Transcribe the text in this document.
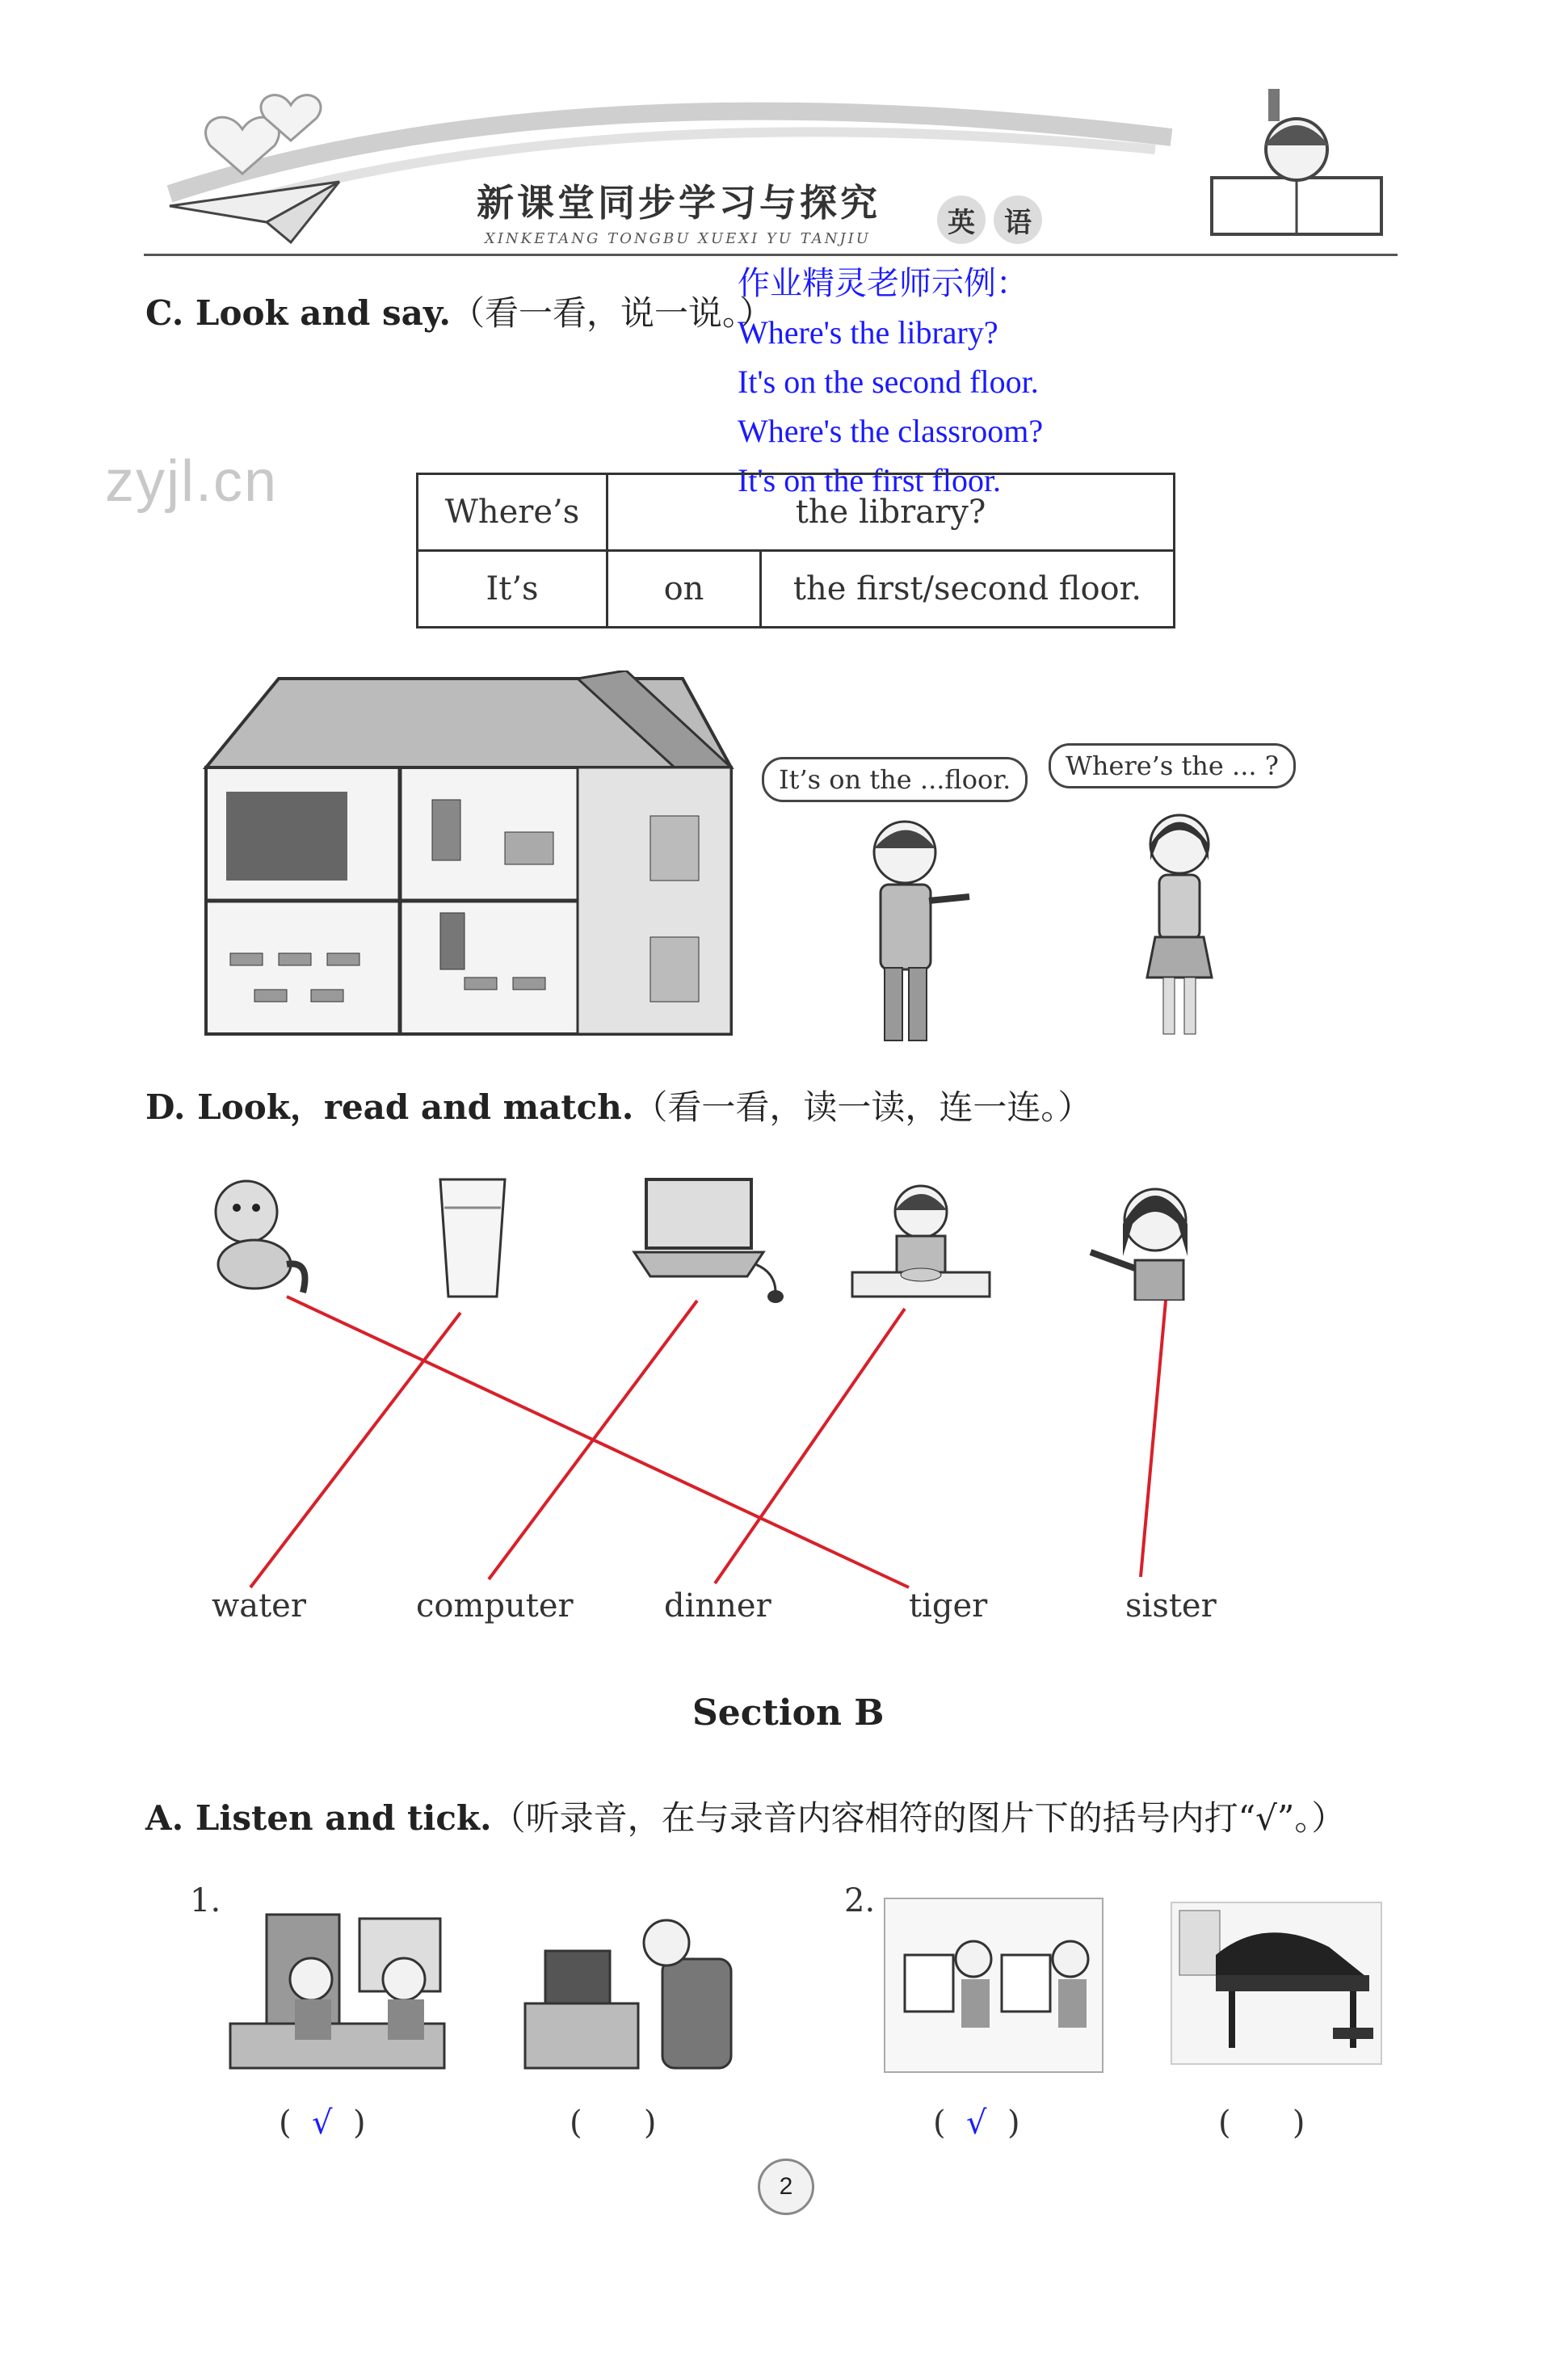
新课堂同步学习与探究
XINKETANG TONGBU XUEXI YU TANJIU	英	语
zyjl.cn
C. Look and say.（看一看，说一说。）
作业精灵老师示例：
Where's the library?
It's on the second floor.
Where's the classroom?
It's on the first floor.
Where’s	the library?	
It’s	on	the first/second floor.
It’s on the ...floor.	Where’s the ... ?
D. Look，read and match.（看一看，读一读，连一连。）
water	computer	dinner	tiger	sister
Section B
A. Listen and tick.（听录音，在与录音内容相符的图片下的括号内打“√”。）
1.	2.
(  √  )	(      )	(  √  )	(      )
2
